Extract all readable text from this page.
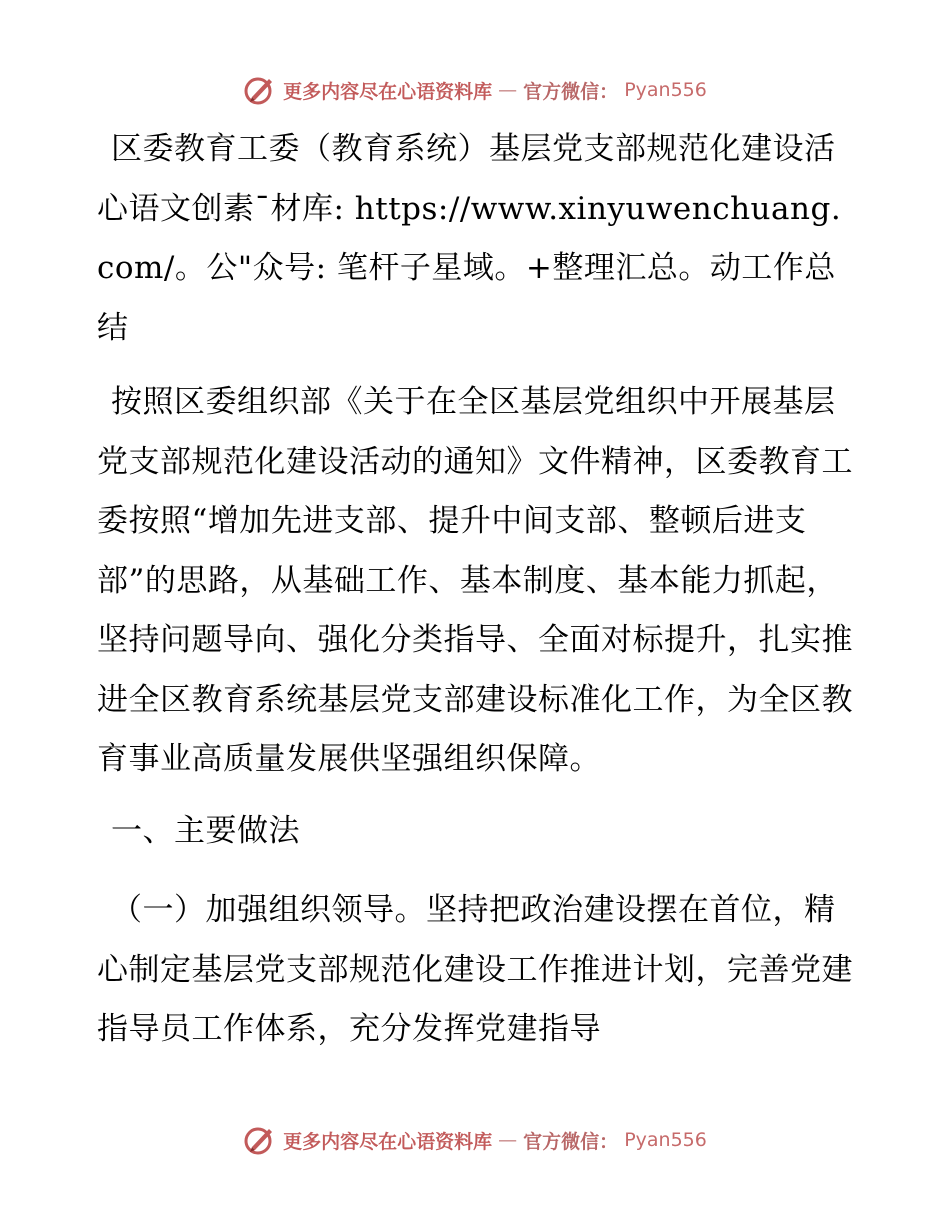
更多内容尽在心语资料库 — 官方微信： Pyan556

区委教育工委（教育系统）基层党支部规范化建设活心语文创素¯材库: https://www.xinyuwenchuang.com/。公"众号: 笔杆子星域。+整理汇总。动工作总结

按照区委组织部《关于在全区基层党组织中开展基层党支部规范化建设活动的通知》文件精神，区委教育工委按照“增加先进支部、提升中间支部、整顿后进支部”的思路，从基础工作、基本制度、基本能力抓起，坚持问题导向、强化分类指导、全面对标提升，扎实推进全区教育系统基层党支部建设标准化工作，为全区教育事业高质量发展供坚强组织保障。

一、主要做法

（一）加强组织领导。坚持把政治建设摆在首位，精心制定基层党支部规范化建设工作推进计划，完善党建指导员工作体系，充分发挥党建指导

更多内容尽在心语资料库 — 官方微信： Pyan556
